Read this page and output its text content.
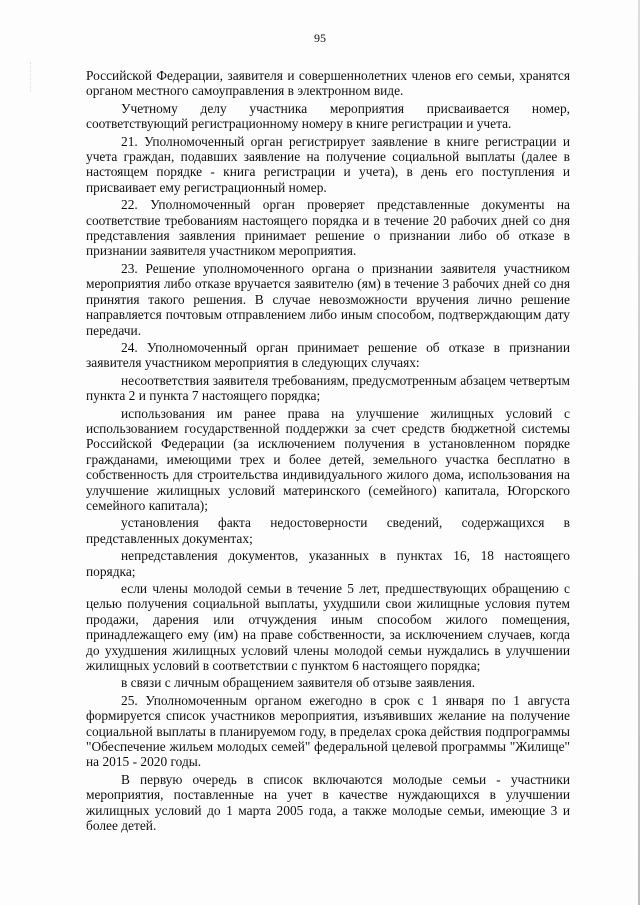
95

Российской Федерации, заявителя и совершеннолетних членов его семьи, хранятся органом местного самоуправления в электронном виде.

Учетному делу участника мероприятия присваивается номер, соответствующий регистрационному номеру в книге регистрации и учета.

21. Уполномоченный орган регистрирует заявление в книге регистрации и учета граждан, подавших заявление на получение социальной выплаты (далее в настоящем порядке - книга регистрации и учета), в день его поступления и присваивает ему регистрационный номер.

22. Уполномоченный орган проверяет представленные документы на соответствие требованиям настоящего порядка и в течение 20 рабочих дней со дня представления заявления принимает решение о признании либо об отказе в признании заявителя участником мероприятия.

23. Решение уполномоченного органа о признании заявителя участником мероприятия либо отказе вручается заявителю (ям) в течение 3 рабочих дней со дня принятия такого решения. В случае невозможности вручения лично решение направляется почтовым отправлением либо иным способом, подтверждающим дату передачи.

24. Уполномоченный орган принимает решение об отказе в признании заявителя участником мероприятия в следующих случаях:

несоответствия заявителя требованиям, предусмотренным абзацем четвертым пункта 2 и пункта 7 настоящего порядка;

использования им ранее права на улучшение жилищных условий с использованием государственной поддержки за счет средств бюджетной системы Российской Федерации (за исключением получения в установленном порядке гражданами, имеющими трех и более детей, земельного участка бесплатно в собственность для строительства индивидуального жилого дома, использования на улучшение жилищных условий материнского (семейного) капитала, Югорского семейного капитала);

установления факта недостоверности сведений, содержащихся в представленных документах;

непредставления документов, указанных в пунктах 16, 18 настоящего порядка;

если члены молодой семьи в течение 5 лет, предшествующих обращению с целью получения социальной выплаты, ухудшили свои жилищные условия путем продажи, дарения или отчуждения иным способом жилого помещения, принадлежащего ему (им) на праве собственности, за исключением случаев, когда до ухудшения жилищных условий члены молодой семьи нуждались в улучшении жилищных условий в соответствии с пунктом 6 настоящего порядка;

в связи с личным обращением заявителя об отзыве заявления.

25. Уполномоченным органом ежегодно в срок с 1 января по 1 августа формируется список участников мероприятия, изъявивших желание на получение социальной выплаты в планируемом году, в пределах срока действия подпрограммы "Обеспечение жильем молодых семей" федеральной целевой программы "Жилище" на 2015 - 2020 годы.

В первую очередь в список включаются молодые семьи - участники мероприятия, поставленные на учет в качестве нуждающихся в улучшении жилищных условий до 1 марта 2005 года, а также молодые семьи, имеющие 3 и более детей.
